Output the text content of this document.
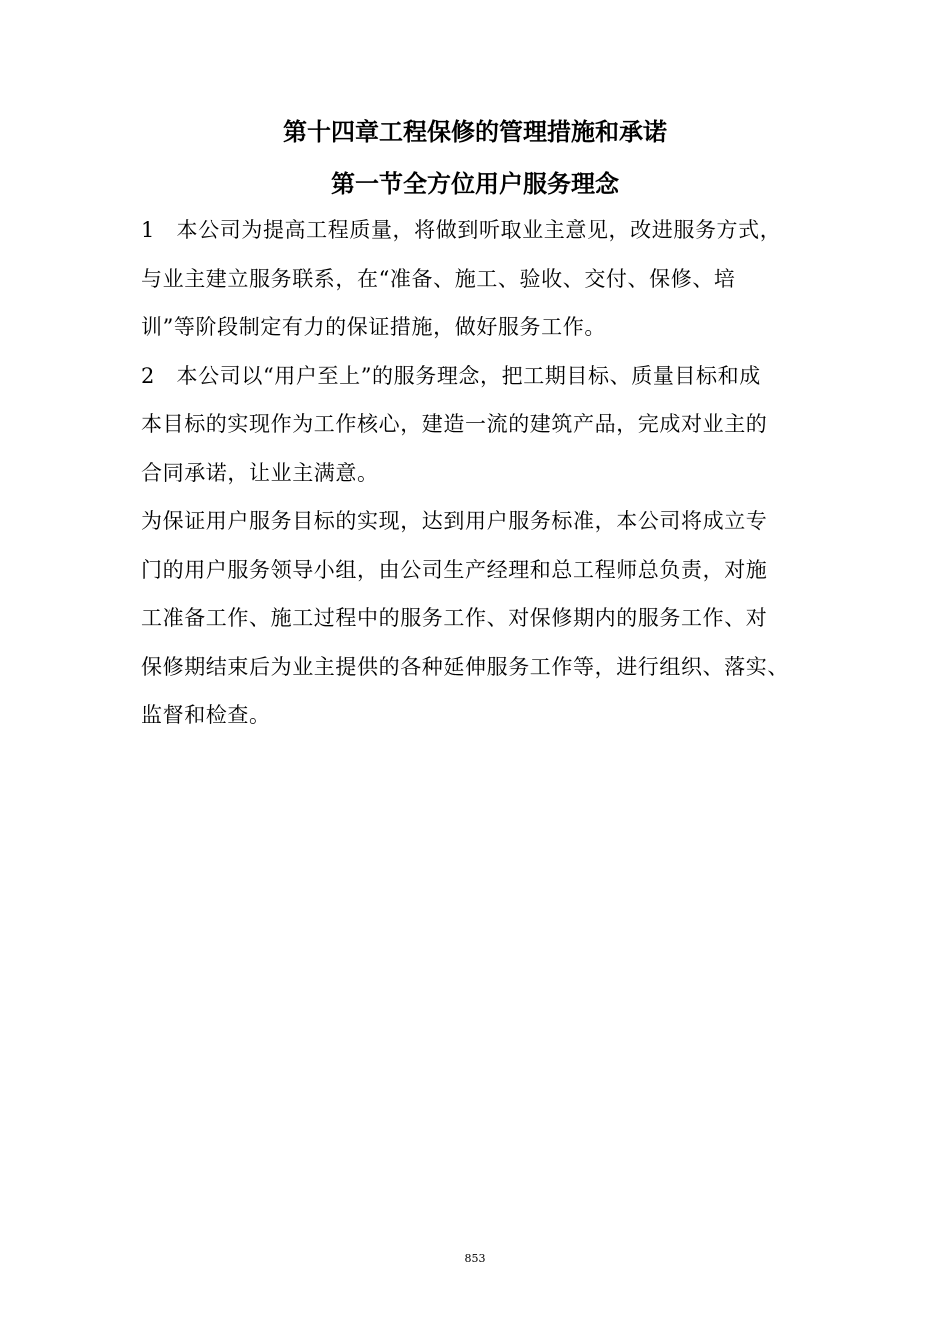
第十四章工程保修的管理措施和承诺
第一节全方位用户服务理念

1　本公司为提高工程质量，将做到听取业主意见，改进服务方式，

与业主建立服务联系，在“准备、施工、验收、交付、保修、培

训”等阶段制定有力的保证措施，做好服务工作。

2　本公司以“用户至上”的服务理念，把工期目标、质量目标和成

本目标的实现作为工作核心，建造一流的建筑产品，完成对业主的

合同承诺，让业主满意。

为保证用户服务目标的实现，达到用户服务标准，本公司将成立专

门的用户服务领导小组，由公司生产经理和总工程师总负责，对施

工准备工作、施工过程中的服务工作、对保修期内的服务工作、对

保修期结束后为业主提供的各种延伸服务工作等，进行组织、落实、

监督和检查。

853
